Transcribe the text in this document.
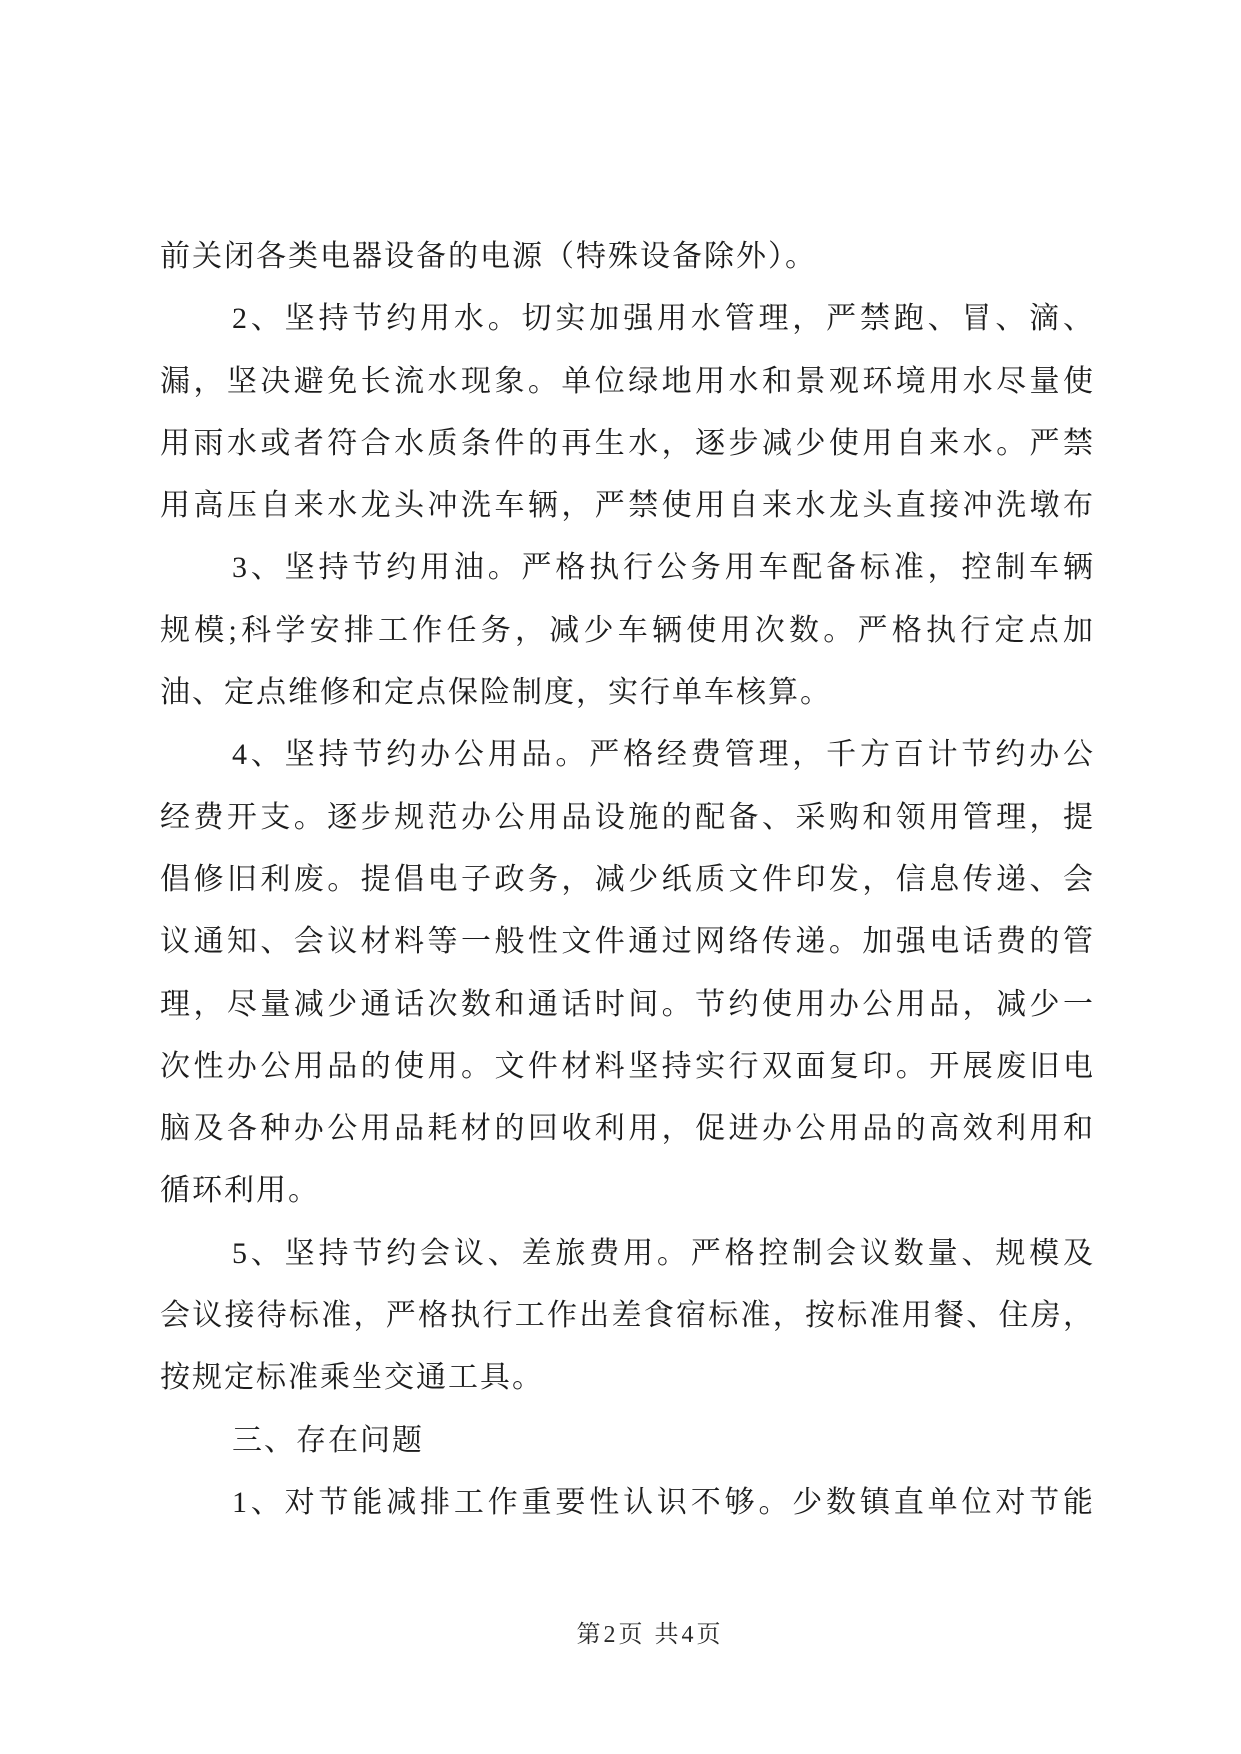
前关闭各类电器设备的电源（特殊设备除外）。
2、坚持节约用水。切实加强用水管理，严禁跑、冒、滴、
漏，坚决避免长流水现象。单位绿地用水和景观环境用水尽量使
用雨水或者符合水质条件的再生水，逐步减少使用自来水。严禁
用高压自来水龙头冲洗车辆，严禁使用自来水龙头直接冲洗墩布
3、坚持节约用油。严格执行公务用车配备标准，控制车辆
规模;科学安排工作任务，减少车辆使用次数。严格执行定点加
油、定点维修和定点保险制度，实行单车核算。
4、坚持节约办公用品。严格经费管理，千方百计节约办公
经费开支。逐步规范办公用品设施的配备、采购和领用管理，提
倡修旧利废。提倡电子政务，减少纸质文件印发，信息传递、会
议通知、会议材料等一般性文件通过网络传递。加强电话费的管
理，尽量减少通话次数和通话时间。节约使用办公用品，减少一
次性办公用品的使用。文件材料坚持实行双面复印。开展废旧电
脑及各种办公用品耗材的回收利用，促进办公用品的高效利用和
循环利用。
5、坚持节约会议、差旅费用。严格控制会议数量、规模及
会议接待标准，严格执行工作出差食宿标准，按标准用餐、住房，
按规定标准乘坐交通工具。
三、存在问题
1、对节能减排工作重要性认识不够。少数镇直单位对节能
第2页 共4页
